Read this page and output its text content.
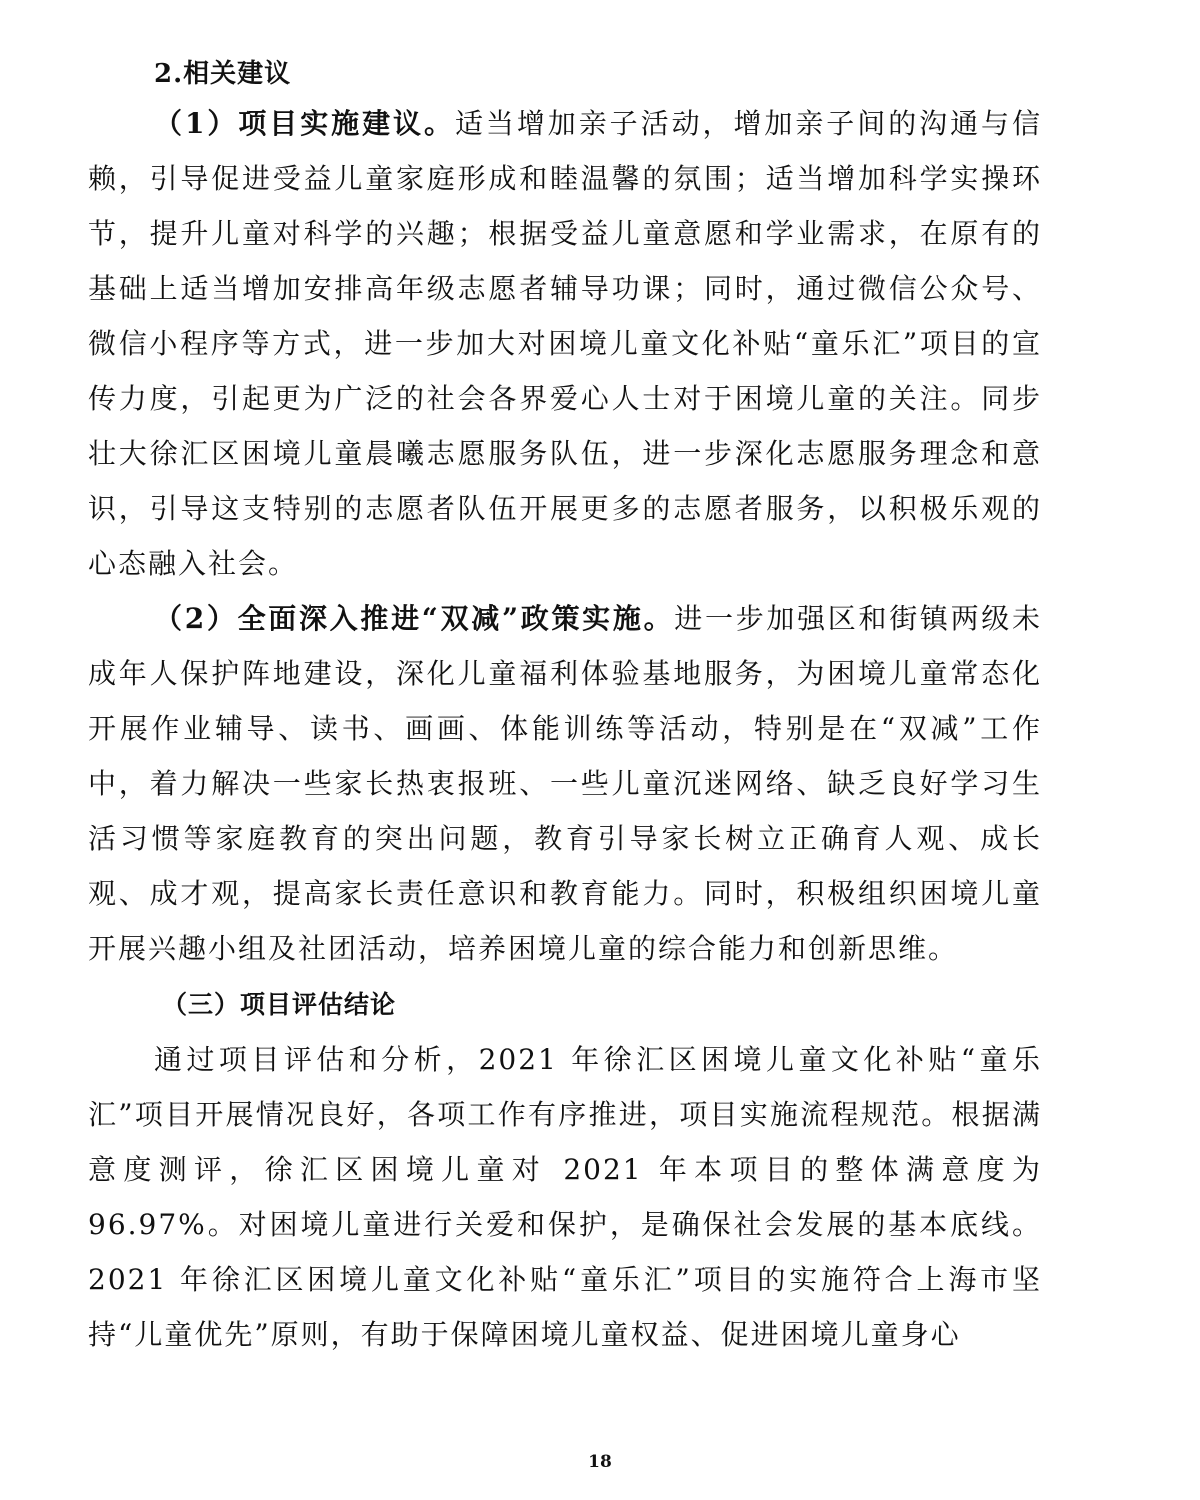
2.相关建议

（1）项目实施建议。适当增加亲子活动，增加亲子间的沟通与信赖，引导促进受益儿童家庭形成和睦温馨的氛围；适当增加科学实操环节，提升儿童对科学的兴趣；根据受益儿童意愿和学业需求，在原有的基础上适当增加安排高年级志愿者辅导功课；同时，通过微信公众号、微信小程序等方式，进一步加大对困境儿童文化补贴“童乐汇”项目的宣传力度，引起更为广泛的社会各界爱心人士对于困境儿童的关注。同步壮大徐汇区困境儿童晨曦志愿服务队伍，进一步深化志愿服务理念和意识，引导这支特别的志愿者队伍开展更多的志愿者服务，以积极乐观的心态融入社会。

（2）全面深入推进“双减”政策实施。进一步加强区和街镇两级未成年人保护阵地建设，深化儿童福利体验基地服务，为困境儿童常态化开展作业辅导、读书、画画、体能训练等活动，特别是在“双减”工作中，着力解决一些家长热衷报班、一些儿童沉迷网络、缺乏良好学习生活习惯等家庭教育的突出问题，教育引导家长树立正确育人观、成长观、成才观，提高家长责任意识和教育能力。同时，积极组织困境儿童开展兴趣小组及社团活动，培养困境儿童的综合能力和创新思维。

（三）项目评估结论

通过项目评估和分析，2021 年徐汇区困境儿童文化补贴“童乐汇”项目开展情况良好，各项工作有序推进，项目实施流程规范。根据满意度测评，徐汇区困境儿童对 2021 年本项目的整体满意度为96.97%。对困境儿童进行关爱和保护，是确保社会发展的基本底线。2021 年徐汇区困境儿童文化补贴“童乐汇”项目的实施符合上海市坚持“儿童优先”原则，有助于保障困境儿童权益、促进困境儿童身心

18
